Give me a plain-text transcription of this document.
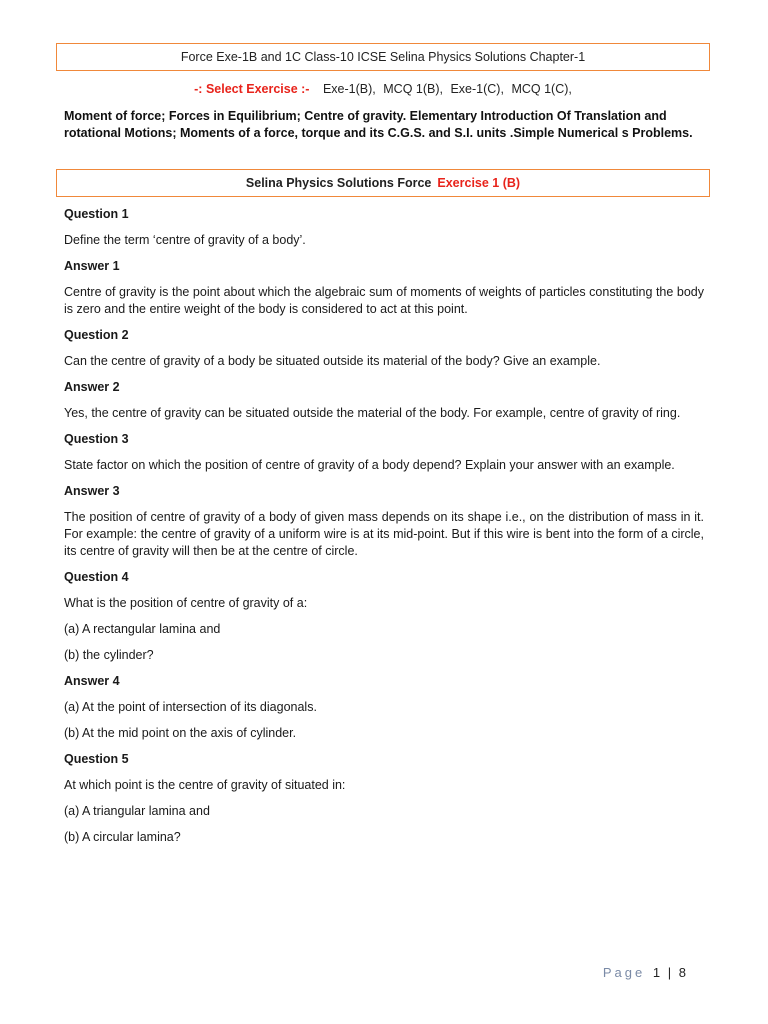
Force Exe-1B and 1C Class-10 ICSE Selina Physics Solutions Chapter-1
-: Select Exercise :- Exe-1(B), MCQ 1(B), Exe-1(C), MCQ 1(C),
Moment of force; Forces in Equilibrium; Centre of gravity. Elementary Introduction Of Translation and rotational Motions; Moments of a force, torque and its C.G.S. and S.I. units .Simple Numerical s Problems.
Selina Physics Solutions Force Exercise 1 (B)
Question 1
Define the term ‘centre of gravity of a body’.
Answer 1
Centre of gravity is the point about which the algebraic sum of moments of weights of particles constituting the body is zero and the entire weight of the body is considered to act at this point.
Question 2
Can the centre of gravity of a body be situated outside its material of the body? Give an example.
Answer 2
Yes, the centre of gravity can be situated outside the material of the body. For example, centre of gravity of ring.
Question 3
State factor on which the position of centre of gravity of a body depend? Explain your answer with an example.
Answer 3
The position of centre of gravity of a body of given mass depends on its shape i.e., on the distribution of mass in it. For example: the centre of gravity of a uniform wire is at its mid-point. But if this wire is bent into the form of a circle, its centre of gravity will then be at the centre of circle.
Question 4
What is the position of centre of gravity of a:
(a) A rectangular lamina and
(b) the cylinder?
Answer 4
(a) At the point of intersection of its diagonals.
(b) At the mid point on the axis of cylinder.
Question 5
At which point is the centre of gravity of situated in:
(a) A triangular lamina and
(b) A circular lamina?
Page 1 | 8
